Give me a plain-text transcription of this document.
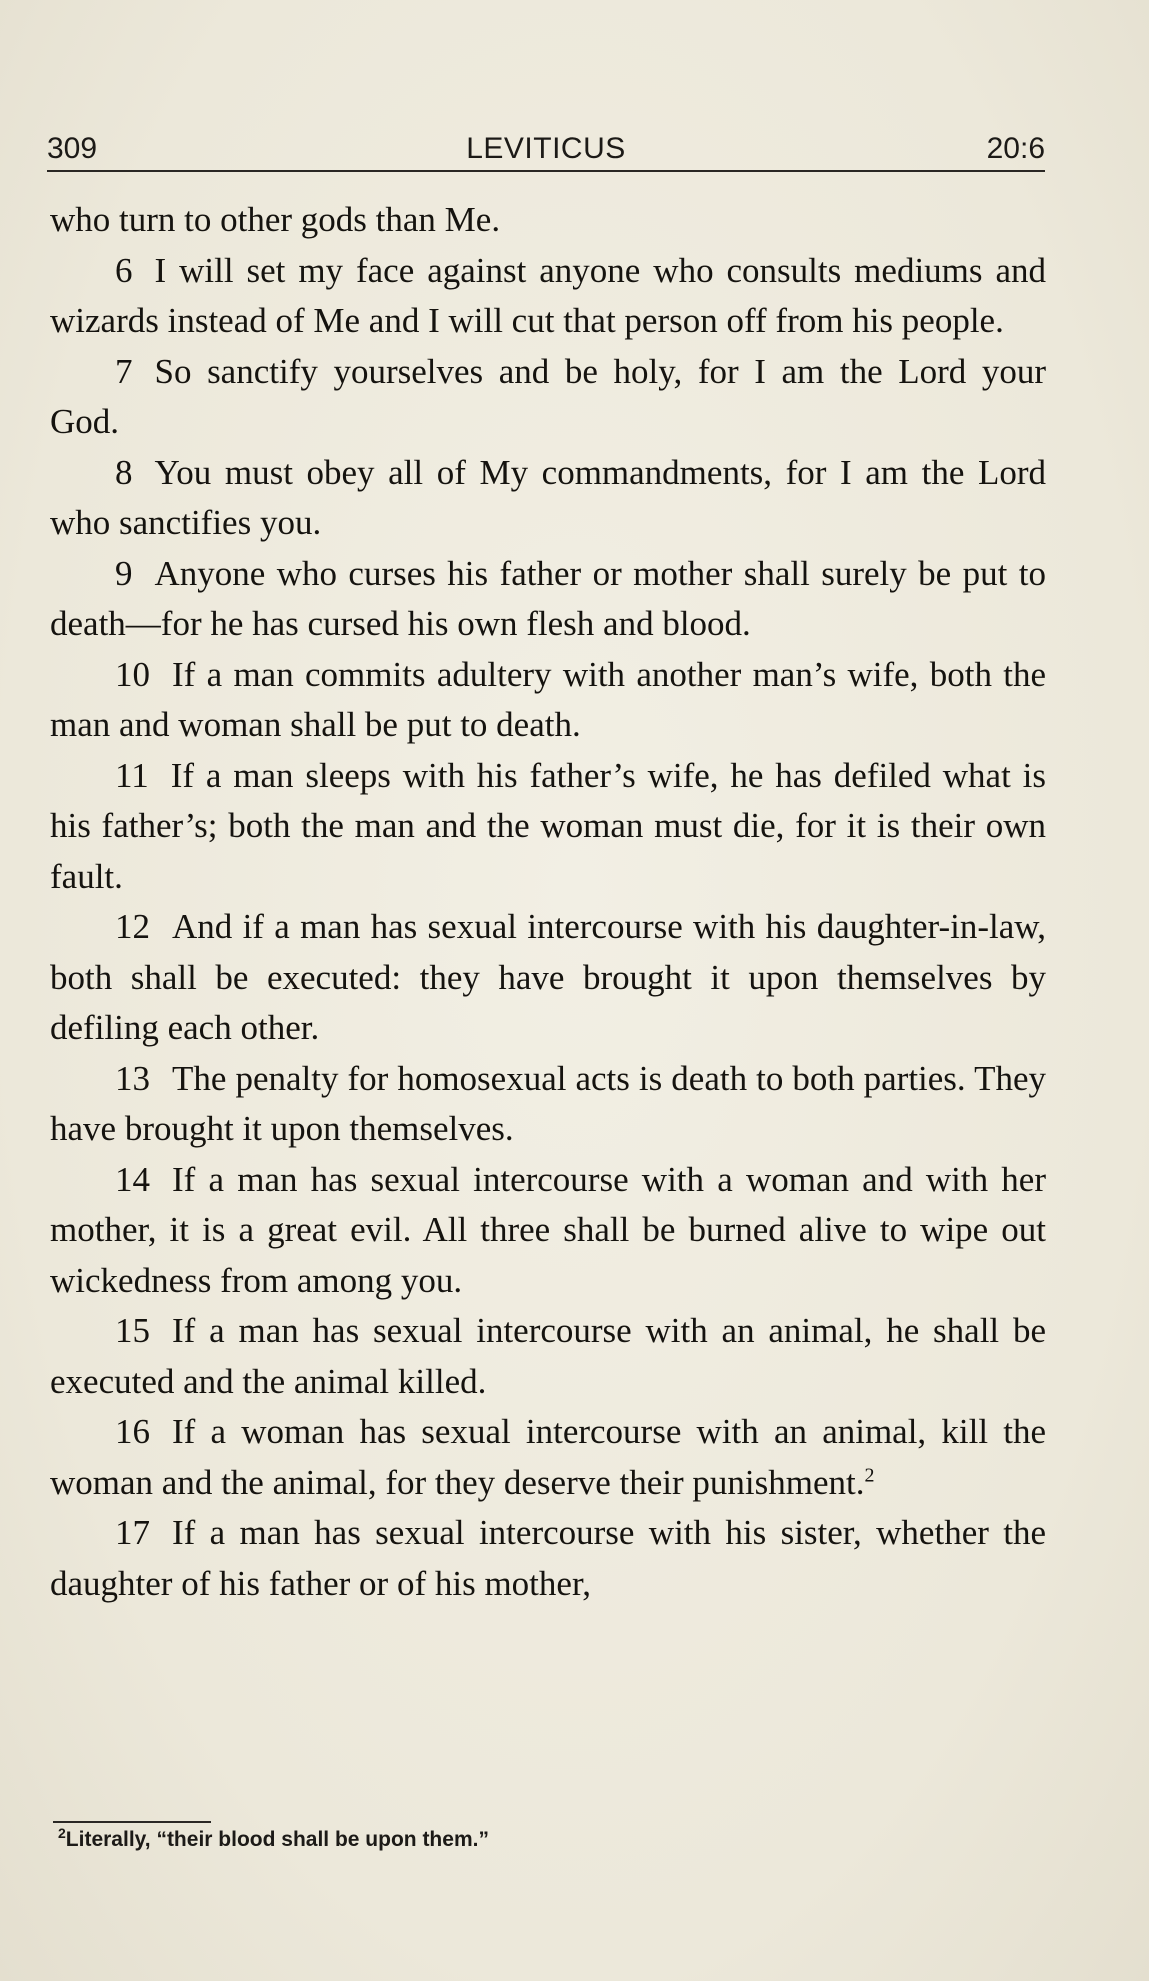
309	LEVITICUS	20:6

who turn to other gods than Me.

6 I will set my face against anyone who consults mediums and wizards instead of Me and I will cut that person off from his people.

7 So sanctify yourselves and be holy, for I am the Lord your God.

8 You must obey all of My commandments, for I am the Lord who sanctifies you.

9 Anyone who curses his father or mother shall surely be put to death—for he has cursed his own flesh and blood.

10 If a man commits adultery with another man’s wife, both the man and woman shall be put to death.

11 If a man sleeps with his father’s wife, he has defiled what is his father’s; both the man and the woman must die, for it is their own fault.

12 And if a man has sexual intercourse with his daughter-in-law, both shall be executed: they have brought it upon themselves by defiling each other.

13 The penalty for homosexual acts is death to both parties. They have brought it upon themselves.

14 If a man has sexual intercourse with a woman and with her mother, it is a great evil. All three shall be burned alive to wipe out wickedness from among you.

15 If a man has sexual intercourse with an animal, he shall be executed and the animal killed.

16 If a woman has sexual intercourse with an animal, kill the woman and the animal, for they deserve their punishment.$^2$

17 If a man has sexual intercourse with his sister, whether the daughter of his father or of his mother,

$^2$Literally, “their blood shall be upon them.”
